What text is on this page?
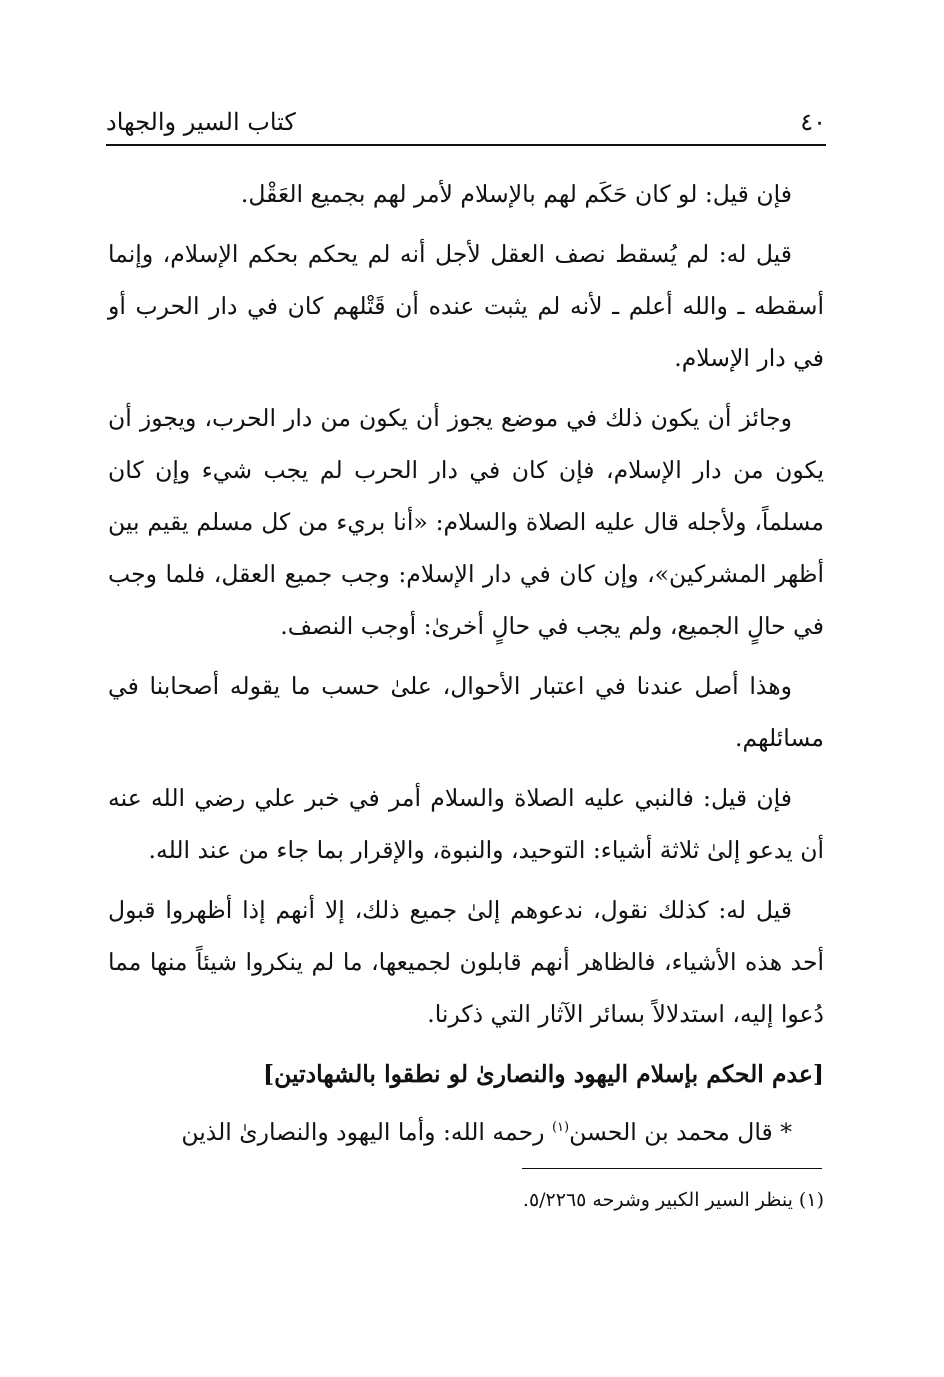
٤٠
كتاب السير والجهاد

فإن قيل: لو كان حَكَم لهم بالإسلام لأمر لهم بجميع العَقْل.

قيل له: لم يُسقط نصف العقل لأجل أنه لم يحكم بحكم الإسلام، وإنما أسقطه ـ والله أعلم ـ لأنه لم يثبت عنده أن قَتْلهم كان في دار الحرب أو في دار الإسلام.

وجائز أن يكون ذلك في موضع يجوز أن يكون من دار الحرب، ويجوز أن يكون من دار الإسلام، فإن كان في دار الحرب لم يجب شيء وإن كان مسلماً، ولأجله قال عليه الصلاة والسلام: «أنا بريء من كل مسلم يقيم بين أظهر المشركين»، وإن كان في دار الإسلام: وجب جميع العقل، فلما وجب في حالٍ الجميع، ولم يجب في حالٍ أخرىٰ: أوجب النصف.

وهذا أصل عندنا في اعتبار الأحوال، علىٰ حسب ما يقوله أصحابنا في مسائلهم.

فإن قيل: فالنبي عليه الصلاة والسلام أمر في خبر علي رضي الله عنه أن يدعو إلىٰ ثلاثة أشياء: التوحيد، والنبوة، والإقرار بما جاء من عند الله.

قيل له: كذلك نقول، ندعوهم إلىٰ جميع ذلك، إلا أنهم إذا أظهروا قبول أحد هذه الأشياء، فالظاهر أنهم قابلون لجميعها، ما لم ينكروا شيئاً منها مما دُعوا إليه، استدلالاً بسائر الآثار التي ذكرنا.

[عدم الحكم بإسلام اليهود والنصارىٰ لو نطقوا بالشهادتين]

* قال محمد بن الحسن$^{(١)}$ رحمه الله: وأما اليهود والنصارىٰ الذين

(١) ينظر السير الكبير وشرحه ٥/٢٢٦٥.
